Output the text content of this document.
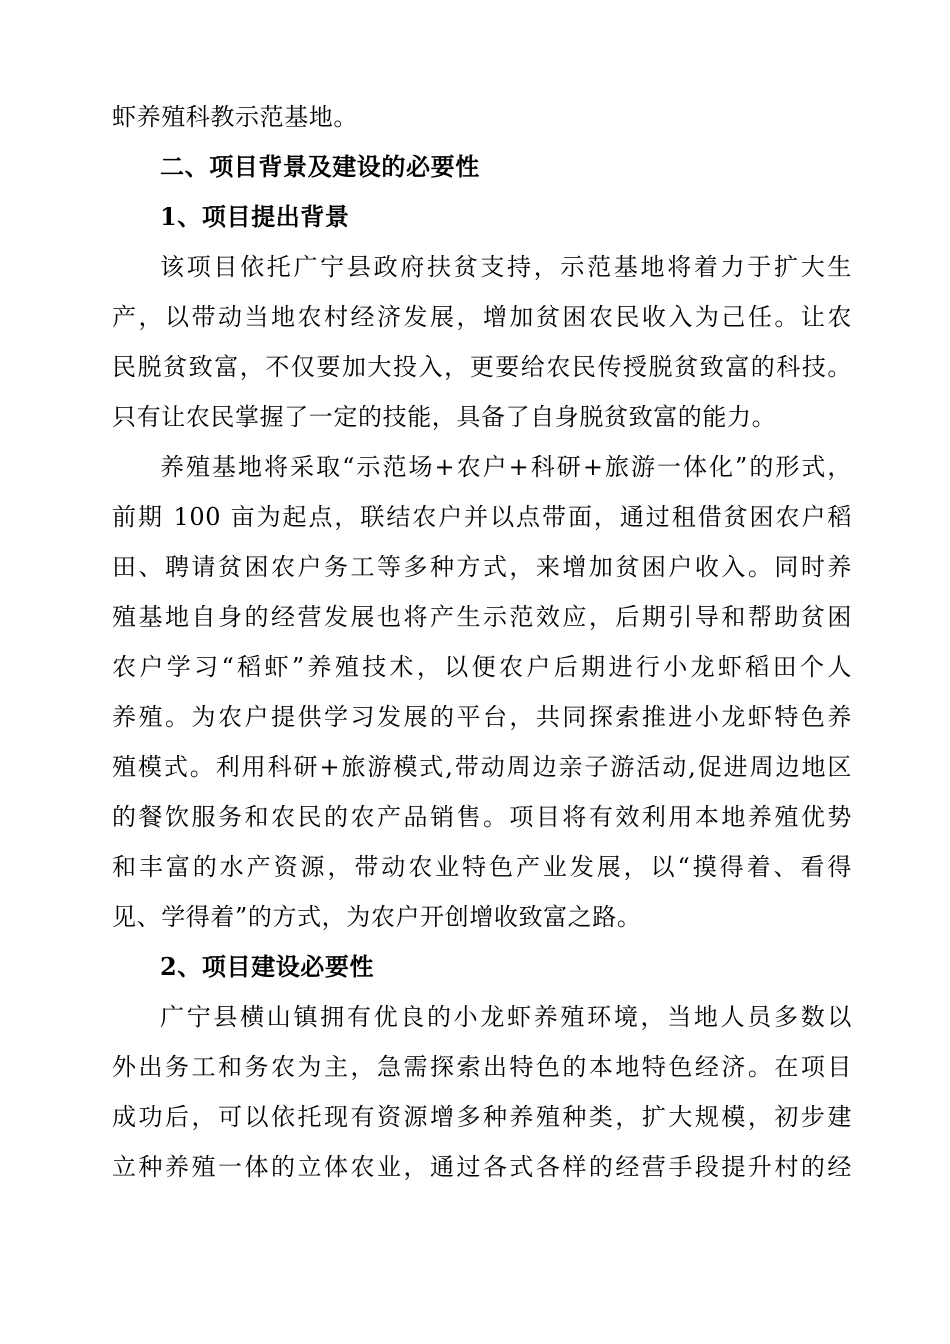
虾养殖科教示范基地。
二、项目背景及建设的必要性
1、项目提出背景
该项目依托广宁县政府扶贫支持，示范基地将着力于扩大生
产，以带动当地农村经济发展，增加贫困农民收入为己任。让农
民脱贫致富，不仅要加大投入，更要给农民传授脱贫致富的科技。
只有让农民掌握了一定的技能，具备了自身脱贫致富的能力。
养殖基地将采取“示范场+农户+科研+旅游一体化”的形式，
前期 100 亩为起点，联结农户并以点带面，通过租借贫困农户稻
田、聘请贫困农户务工等多种方式，来增加贫困户收入。同时养
殖基地自身的经营发展也将产生示范效应，后期引导和帮助贫困
农户学习“稻虾”养殖技术，以便农户后期进行小龙虾稻田个人
养殖。为农户提供学习发展的平台，共同探索推进小龙虾特色养
殖模式。利用科研+旅游模式,带动周边亲子游活动,促进周边地区
的餐饮服务和农民的农产品销售。项目将有效利用本地养殖优势
和丰富的水产资源，带动农业特色产业发展，以“摸得着、看得
见、学得着”的方式，为农户开创增收致富之路。
2、项目建设必要性
广宁县横山镇拥有优良的小龙虾养殖环境，当地人员多数以
外出务工和务农为主，急需探索出特色的本地特色经济。在项目
成功后，可以依托现有资源增多种养殖种类，扩大规模，初步建
立种养殖一体的立体农业，通过各式各样的经营手段提升村的经
